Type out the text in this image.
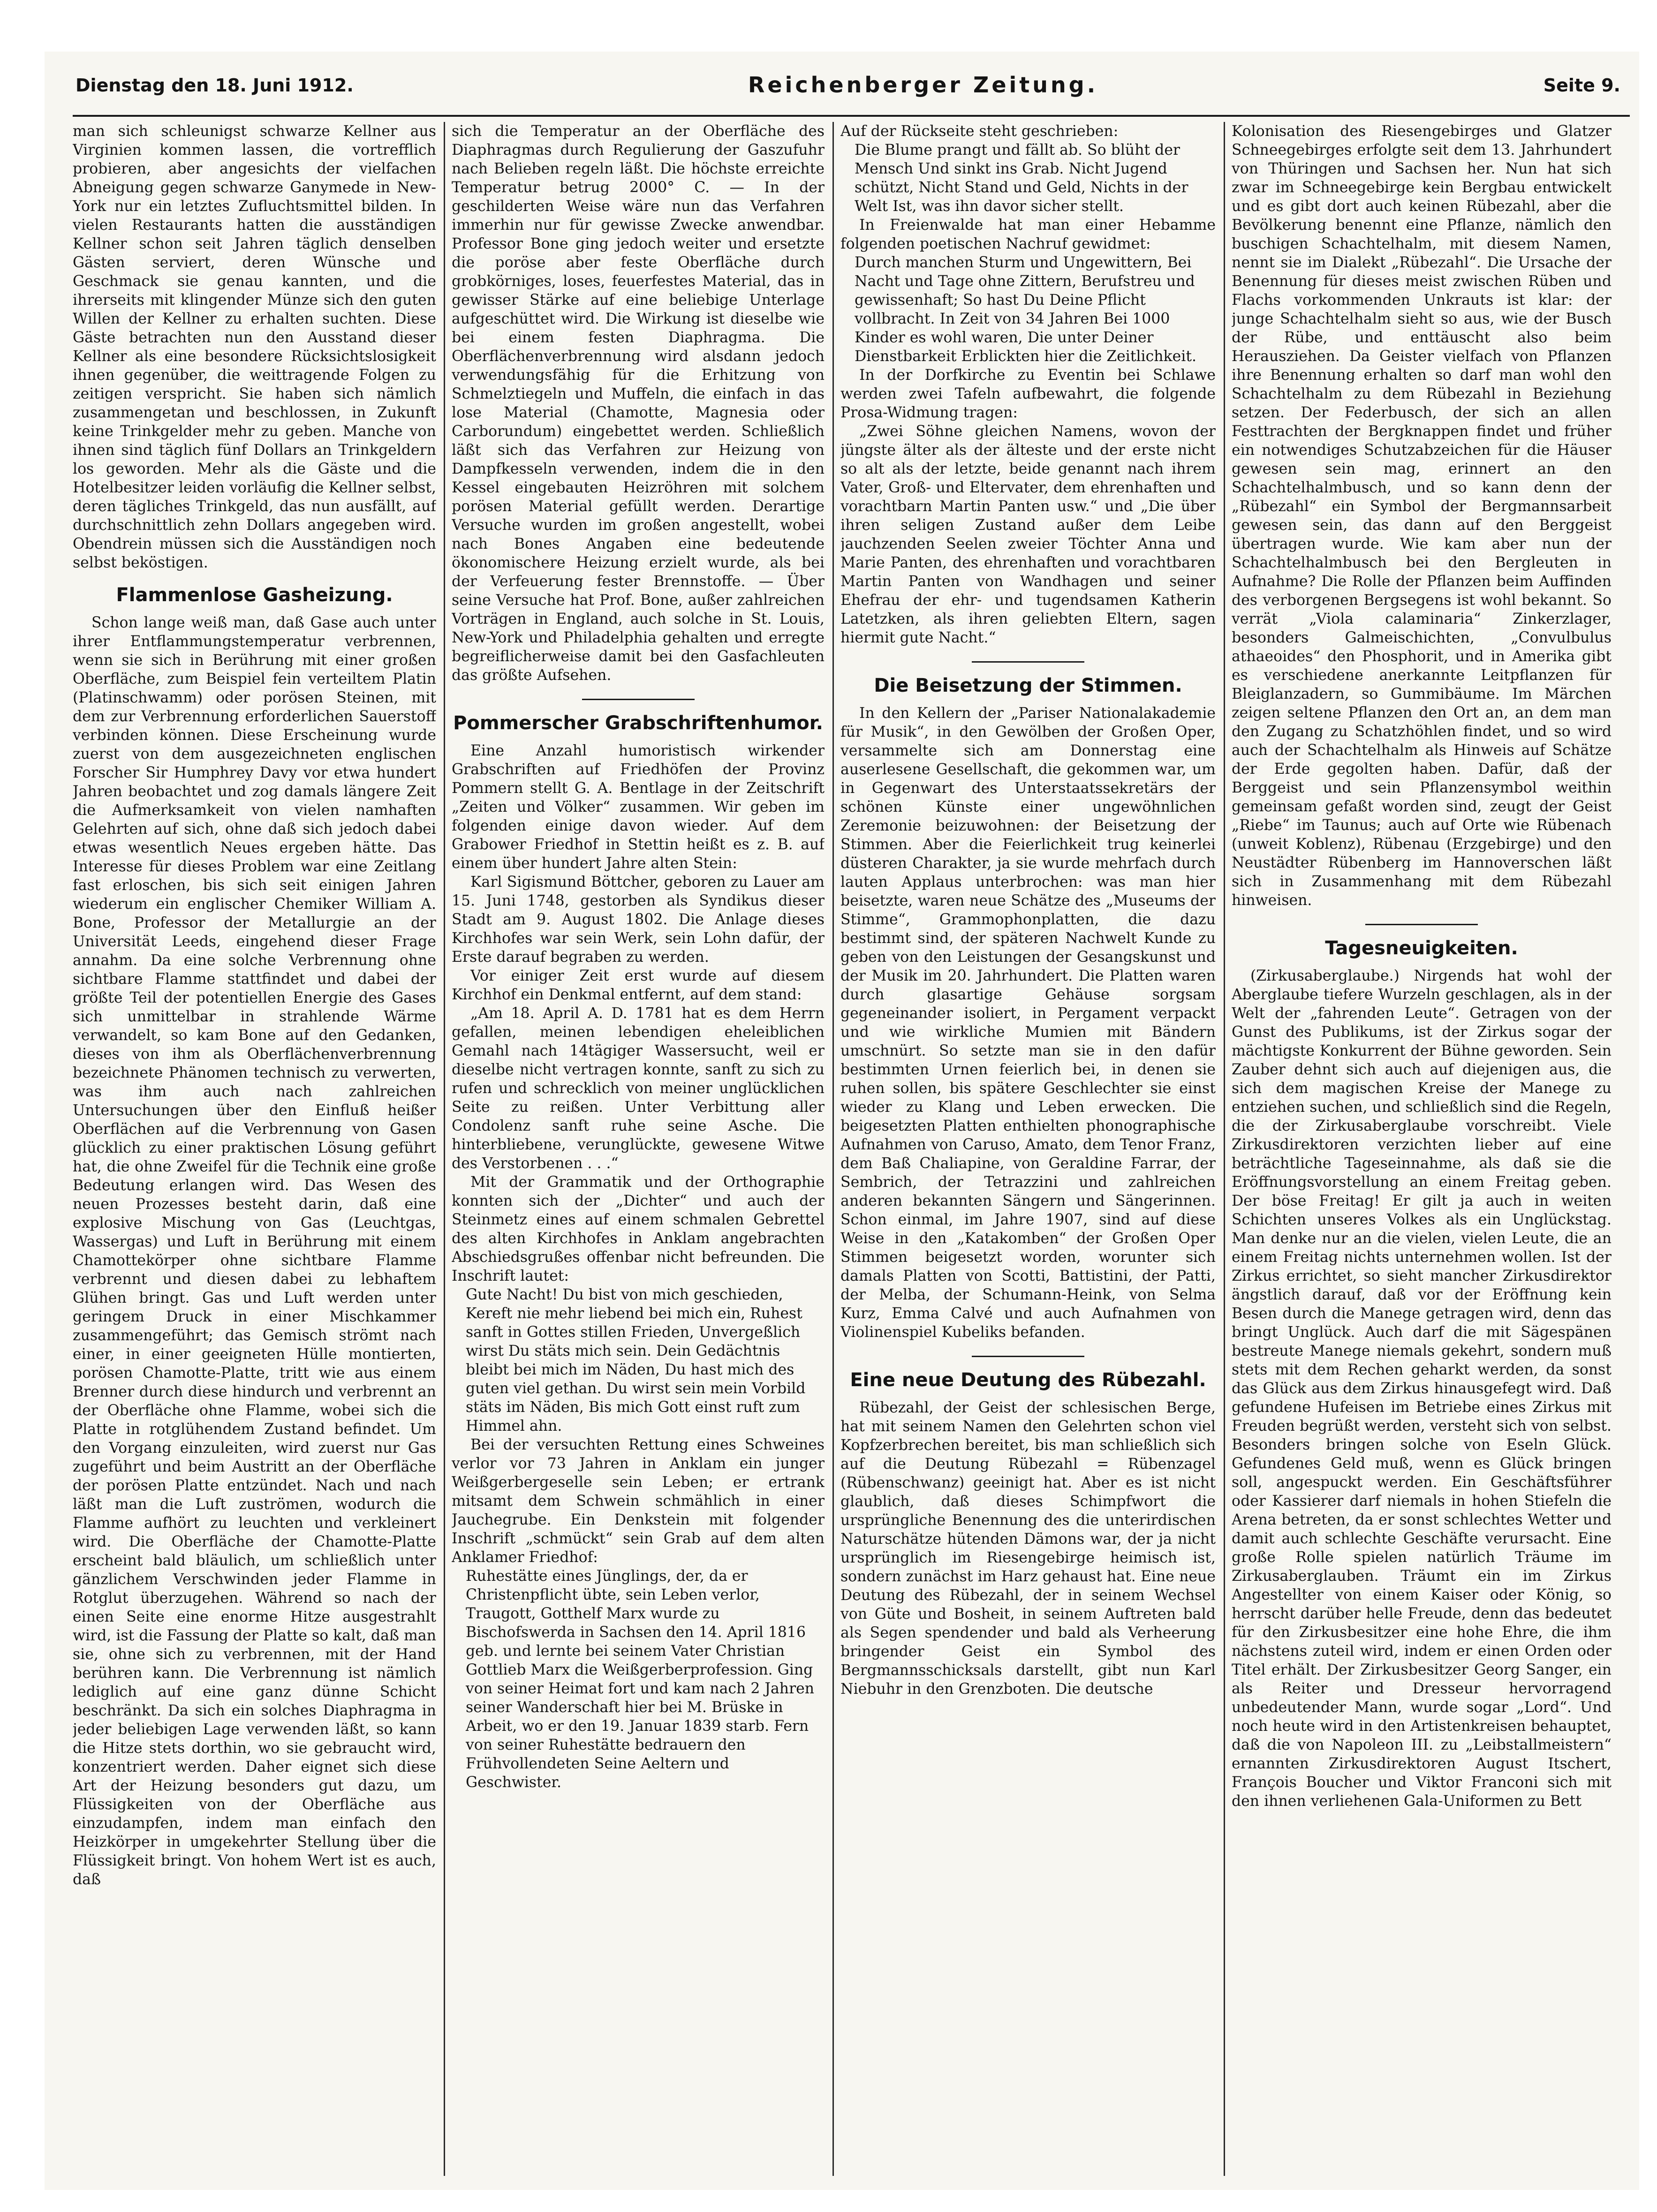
Dienstag den 18. Juni 1912.	Reichenberger Zeitung.	Seite 9.

man sich schleunigst schwarze Kellner aus Virginien kommen lassen, die vortrefflich probieren, aber angesichts der vielfachen Abneigung gegen schwarze Ganymede in New-York nur ein letztes Zufluchtsmittel bilden. In vielen Restaurants hatten die ausständigen Kellner schon seit Jahren täglich denselben Gästen serviert, deren Wünsche und Geschmack sie genau kannten, und die ihrerseits mit klingender Münze sich den guten Willen der Kellner zu erhalten suchten. Diese Gäste betrachten nun den Ausstand dieser Kellner als eine besondere Rücksichtslosigkeit ihnen gegenüber, die weittragende Folgen zu zeitigen verspricht. Sie haben sich nämlich zusammengetan und beschlossen, in Zukunft keine Trinkgelder mehr zu geben. Manche von ihnen sind täglich fünf Dollars an Trinkgeldern los geworden. Mehr als die Gäste und die Hotelbesitzer leiden vorläufig die Kellner selbst, deren tägliches Trinkgeld, das nun ausfällt, auf durchschnittlich zehn Dollars angegeben wird. Obendrein müssen sich die Ausständigen noch selbst beköstigen.

Flammenlose Gasheizung.

Schon lange weiß man, daß Gase auch unter ihrer Entflammungstemperatur verbrennen, wenn sie sich in Berührung mit einer großen Oberfläche, zum Beispiel fein verteiltem Platin (Platinschwamm) oder porösen Steinen, mit dem zur Verbrennung erforderlichen Sauerstoff verbinden können. Diese Erscheinung wurde zuerst von dem ausgezeichneten englischen Forscher Sir Humphrey Davy vor etwa hundert Jahren beobachtet und zog damals längere Zeit die Aufmerksamkeit von vielen namhaften Gelehrten auf sich, ohne daß sich jedoch dabei etwas wesentlich Neues ergeben hätte. Das Interesse für dieses Problem war eine Zeitlang fast erloschen, bis sich seit einigen Jahren wiederum ein englischer Chemiker William A. Bone, Professor der Metallurgie an der Universität Leeds, eingehend dieser Frage annahm. Da eine solche Verbrennung ohne sichtbare Flamme stattfindet und dabei der größte Teil der potentiellen Energie des Gases sich unmittelbar in strahlende Wärme verwandelt, so kam Bone auf den Gedanken, dieses von ihm als Oberflächenverbrennung bezeichnete Phänomen technisch zu verwerten, was ihm auch nach zahlreichen Untersuchungen über den Einfluß heißer Oberflächen auf die Verbrennung von Gasen glücklich zu einer praktischen Lösung geführt hat, die ohne Zweifel für die Technik eine große Bedeutung erlangen wird. Das Wesen des neuen Prozesses besteht darin, daß eine explosive Mischung von Gas (Leuchtgas, Wassergas) und Luft in Berührung mit einem Chamottekörper ohne sichtbare Flamme verbrennt und diesen dabei zu lebhaftem Glühen bringt. Gas und Luft werden unter geringem Druck in einer Mischkammer zusammengeführt; das Gemisch strömt nach einer, in einer geeigneten Hülle montierten, porösen Chamotte-Platte, tritt wie aus einem Brenner durch diese hindurch und verbrennt an der Oberfläche ohne Flamme, wobei sich die Platte in rotglühendem Zustand befindet. Um den Vorgang einzuleiten, wird zuerst nur Gas zugeführt und beim Austritt an der Oberfläche der porösen Platte entzündet. Nach und nach läßt man die Luft zuströmen, wodurch die Flamme aufhört zu leuchten und verkleinert wird. Die Oberfläche der Chamotte-Platte erscheint bald bläulich, um schließlich unter gänzlichem Verschwinden jeder Flamme in Rotglut überzugehen. Während so nach der einen Seite eine enorme Hitze ausgestrahlt wird, ist die Fassung der Platte so kalt, daß man sie, ohne sich zu verbrennen, mit der Hand berühren kann. Die Verbrennung ist nämlich lediglich auf eine ganz dünne Schicht beschränkt. Da sich ein solches Diaphragma in jeder beliebigen Lage verwenden läßt, so kann die Hitze stets dorthin, wo sie gebraucht wird, konzentriert werden. Daher eignet sich diese Art der Heizung besonders gut dazu, um Flüssigkeiten von der Oberfläche aus einzudampfen, indem man einfach den Heizkörper in umgekehrter Stellung über die Flüssigkeit bringt. Von hohem Wert ist es auch, daß

sich die Temperatur an der Oberfläche des Diaphragmas durch Regulierung der Gaszufuhr nach Belieben regeln läßt. Die höchste erreichte Temperatur betrug 2000° C. — In der geschilderten Weise wäre nun das Verfahren immerhin nur für gewisse Zwecke anwendbar. Professor Bone ging jedoch weiter und ersetzte die poröse aber feste Oberfläche durch grobkörniges, loses, feuerfestes Material, das in gewisser Stärke auf eine beliebige Unterlage aufgeschüttet wird. Die Wirkung ist dieselbe wie bei einem festen Diaphragma. Die Oberflächenverbrennung wird alsdann jedoch verwendungsfähig für die Erhitzung von Schmelztiegeln und Muffeln, die einfach in das lose Material (Chamotte, Magnesia oder Carborundum) eingebettet werden. Schließlich läßt sich das Verfahren zur Heizung von Dampfkesseln verwenden, indem die in den Kessel eingebauten Heizröhren mit solchem porösen Material gefüllt werden. Derartige Versuche wurden im großen angestellt, wobei nach Bones Angaben eine bedeutende ökonomischere Heizung erzielt wurde, als bei der Verfeuerung fester Brennstoffe. — Über seine Versuche hat Prof. Bone, außer zahlreichen Vorträgen in England, auch solche in St. Louis, New-York und Philadelphia gehalten und erregte begreiflicherweise damit bei den Gasfachleuten das größte Aufsehen.

Pommerscher Grabschriftenhumor.

Eine Anzahl humoristisch wirkender Grabschriften auf Friedhöfen der Provinz Pommern stellt G. A. Bentlage in der Zeitschrift „Zeiten und Völker“ zusammen. Wir geben im folgenden einige davon wieder. Auf dem Grabower Friedhof in Stettin heißt es z. B. auf einem über hundert Jahre alten Stein:

Karl Sigismund Böttcher, geboren zu Lauer am 15. Juni 1748, gestorben als Syndikus dieser Stadt am 9. August 1802. Die Anlage dieses Kirchhofes war sein Werk, sein Lohn dafür, der Erste darauf begraben zu werden.

Vor einiger Zeit erst wurde auf diesem Kirchhof ein Denkmal entfernt, auf dem stand:

„Am 18. April A. D. 1781 hat es dem Herrn gefallen, meinen lebendigen eheleiblichen Gemahl nach 14tägiger Wassersucht, weil er dieselbe nicht vertragen konnte, sanft zu sich zu rufen und schrecklich von meiner unglücklichen Seite zu reißen. Unter Verbittung aller Condolenz sanft ruhe seine Asche. Die hinterbliebene, verunglückte, gewesene Witwe des Verstorbenen . . .“

Mit der Grammatik und der Orthographie konnten sich der „Dichter“ und auch der Steinmetz eines auf einem schmalen Gebrettel des alten Kirchhofes in Anklam angebrachten Abschiedsgrußes offenbar nicht befreunden. Die Inschrift lautet:

Gute Nacht! Du bist von mich geschieden, Kereft nie mehr liebend bei mich ein, Ruhest sanft in Gottes stillen Frieden, Unvergeßlich wirst Du stäts mich sein. Dein Gedächtnis bleibt bei mich im Näden, Du hast mich des guten viel gethan. Du wirst sein mein Vorbild stäts im Näden, Bis mich Gott einst ruft zum Himmel ahn.

Bei der versuchten Rettung eines Schweines verlor vor 73 Jahren in Anklam ein junger Weißgerbergeselle sein Leben; er ertrank mitsamt dem Schwein schmählich in einer Jauchegrube. Ein Denkstein mit folgender Inschrift „schmückt“ sein Grab auf dem alten Anklamer Friedhof:

Ruhestätte eines Jünglings, der, da er Christenpflicht übte, sein Leben verlor, Traugott, Gotthelf Marx wurde zu Bischofswerda in Sachsen den 14. April 1816 geb. und lernte bei seinem Vater Christian Gottlieb Marx die Weißgerberprofession. Ging von seiner Heimat fort und kam nach 2 Jahren seiner Wanderschaft hier bei M. Brüske in Arbeit, wo er den 19. Januar 1839 starb. Fern von seiner Ruhestätte bedrauern den Frühvollendeten Seine Aeltern und Geschwister.

Auf der Rückseite steht geschrieben:

Die Blume prangt und fällt ab. So blüht der Mensch Und sinkt ins Grab. Nicht Jugend schützt, Nicht Stand und Geld, Nichts in der Welt Ist, was ihn davor sicher stellt.

In Freienwalde hat man einer Hebamme folgenden poetischen Nachruf gewidmet:

Durch manchen Sturm und Ungewittern, Bei Nacht und Tage ohne Zittern, Berufstreu und gewissenhaft; So hast Du Deine Pflicht vollbracht. In Zeit von 34 Jahren Bei 1000 Kinder es wohl waren, Die unter Deiner Dienstbarkeit Erblickten hier die Zeitlichkeit.

In der Dorfkirche zu Eventin bei Schlawe werden zwei Tafeln aufbewahrt, die folgende Prosa-Widmung tragen:

„Zwei Söhne gleichen Namens, wovon der jüngste älter als der älteste und der erste nicht so alt als der letzte, beide genannt nach ihrem Vater, Groß- und Eltervater, dem ehrenhaften und vorachtbarn Martin Panten usw.“ und „Die über ihren seligen Zustand außer dem Leibe jauchzenden Seelen zweier Töchter Anna und Marie Panten, des ehrenhaften und vorachtbaren Martin Panten von Wandhagen und seiner Ehefrau der ehr- und tugendsamen Katherin Latetzken, als ihren geliebten Eltern, sagen hiermit gute Nacht.“

Die Beisetzung der Stimmen.

In den Kellern der „Pariser Nationalakademie für Musik“, in den Gewölben der Großen Oper, versammelte sich am Donnerstag eine auserlesene Gesellschaft, die gekommen war, um in Gegenwart des Unterstaatssekretärs der schönen Künste einer ungewöhnlichen Zeremonie beizuwohnen: der Beisetzung der Stimmen. Aber die Feierlichkeit trug keinerlei düsteren Charakter, ja sie wurde mehrfach durch lauten Applaus unterbrochen: was man hier beisetzte, waren neue Schätze des „Museums der Stimme“, Grammophonplatten, die dazu bestimmt sind, der späteren Nachwelt Kunde zu geben von den Leistungen der Gesangskunst und der Musik im 20. Jahrhundert. Die Platten waren durch glasartige Gehäuse sorgsam gegeneinander isoliert, in Pergament verpackt und wie wirkliche Mumien mit Bändern umschnürt. So setzte man sie in den dafür bestimmten Urnen feierlich bei, in denen sie ruhen sollen, bis spätere Geschlechter sie einst wieder zu Klang und Leben erwecken. Die beigesetzten Platten enthielten phonographische Aufnahmen von Caruso, Amato, dem Tenor Franz, dem Baß Chaliapine, von Geraldine Farrar, der Sembrich, der Tetrazzini und zahlreichen anderen bekannten Sängern und Sängerinnen. Schon einmal, im Jahre 1907, sind auf diese Weise in den „Katakomben“ der Großen Oper Stimmen beigesetzt worden, worunter sich damals Platten von Scotti, Battistini, der Patti, der Melba, der Schumann-Heink, von Selma Kurz, Emma Calvé und auch Aufnahmen von Violinenspiel Kubeliks befanden.

Eine neue Deutung des Rübezahl.

Rübezahl, der Geist der schlesischen Berge, hat mit seinem Namen den Gelehrten schon viel Kopfzerbrechen bereitet, bis man schließlich sich auf die Deutung Rübezahl = Rübenzagel (Rübenschwanz) geeinigt hat. Aber es ist nicht glaublich, daß dieses Schimpfwort die ursprüngliche Benennung des die unterirdischen Naturschätze hütenden Dämons war, der ja nicht ursprünglich im Riesengebirge heimisch ist, sondern zunächst im Harz gehaust hat. Eine neue Deutung des Rübezahl, der in seinem Wechsel von Güte und Bosheit, in seinem Auftreten bald als Segen spendender und bald als Verheerung bringender Geist ein Symbol des Bergmannsschicksals darstellt, gibt nun Karl Niebuhr in den Grenzboten. Die deutsche

Kolonisation des Riesengebirges und Glatzer Schneegebirges erfolgte seit dem 13. Jahrhundert von Thüringen und Sachsen her. Nun hat sich zwar im Schneegebirge kein Bergbau entwickelt und es gibt dort auch keinen Rübezahl, aber die Bevölkerung benennt eine Pflanze, nämlich den buschigen Schachtelhalm, mit diesem Namen, nennt sie im Dialekt „Rübezahl“. Die Ursache der Benennung für dieses meist zwischen Rüben und Flachs vorkommenden Unkrauts ist klar: der junge Schachtelhalm sieht so aus, wie der Busch der Rübe, und enttäuscht also beim Herausziehen. Da Geister vielfach von Pflanzen ihre Benennung erhalten so darf man wohl den Schachtelhalm zu dem Rübezahl in Beziehung setzen. Der Federbusch, der sich an allen Festtrachten der Bergknappen findet und früher ein notwendiges Schutzabzeichen für die Häuser gewesen sein mag, erinnert an den Schachtelhalmbusch, und so kann denn der „Rübezahl“ ein Symbol der Bergmannsarbeit gewesen sein, das dann auf den Berggeist übertragen wurde. Wie kam aber nun der Schachtelhalmbusch bei den Bergleuten in Aufnahme? Die Rolle der Pflanzen beim Auffinden des verborgenen Bergsegens ist wohl bekannt. So verrät „Viola calaminaria“ Zinkerzlager, besonders Galmeischichten, „Convulbulus athaeoides“ den Phosphorit, und in Amerika gibt es verschiedene anerkannte Leitpflanzen für Bleiglanzadern, so Gummibäume. Im Märchen zeigen seltene Pflanzen den Ort an, an dem man den Zugang zu Schatzhöhlen findet, und so wird auch der Schachtelhalm als Hinweis auf Schätze der Erde gegolten haben. Dafür, daß der Berggeist und sein Pflanzensymbol weithin gemeinsam gefaßt worden sind, zeugt der Geist „Riebe“ im Taunus; auch auf Orte wie Rübenach (unweit Koblenz), Rübenau (Erzgebirge) und den Neustädter Rübenberg im Hannoverschen läßt sich in Zusammenhang mit dem Rübezahl hinweisen.

Tagesneuigkeiten.

(Zirkusaberglaube.) Nirgends hat wohl der Aberglaube tiefere Wurzeln geschlagen, als in der Welt der „fahrenden Leute“. Getragen von der Gunst des Publikums, ist der Zirkus sogar der mächtigste Konkurrent der Bühne geworden. Sein Zauber dehnt sich auch auf diejenigen aus, die sich dem magischen Kreise der Manege zu entziehen suchen, und schließlich sind die Regeln, die der Zirkusaberglaube vorschreibt. Viele Zirkusdirektoren verzichten lieber auf eine beträchtliche Tageseinnahme, als daß sie die Eröffnungsvorstellung an einem Freitag geben. Der böse Freitag! Er gilt ja auch in weiten Schichten unseres Volkes als ein Unglückstag. Man denke nur an die vielen, vielen Leute, die an einem Freitag nichts unternehmen wollen. Ist der Zirkus errichtet, so sieht mancher Zirkusdirektor ängstlich darauf, daß vor der Eröffnung kein Besen durch die Manege getragen wird, denn das bringt Unglück. Auch darf die mit Sägespänen bestreute Manege niemals gekehrt, sondern muß stets mit dem Rechen geharkt werden, da sonst das Glück aus dem Zirkus hinausgefegt wird. Daß gefundene Hufeisen im Betriebe eines Zirkus mit Freuden begrüßt werden, versteht sich von selbst. Besonders bringen solche von Eseln Glück. Gefundenes Geld muß, wenn es Glück bringen soll, angespuckt werden. Ein Geschäftsführer oder Kassierer darf niemals in hohen Stiefeln die Arena betreten, da er sonst schlechtes Wetter und damit auch schlechte Geschäfte verursacht. Eine große Rolle spielen natürlich Träume im Zirkusaberglauben. Träumt ein im Zirkus Angestellter von einem Kaiser oder König, so herrscht darüber helle Freude, denn das bedeutet für den Zirkusbesitzer eine hohe Ehre, die ihm nächstens zuteil wird, indem er einen Orden oder Titel erhält. Der Zirkusbesitzer Georg Sanger, ein als Reiter und Dresseur hervorragend unbedeutender Mann, wurde sogar „Lord“. Und noch heute wird in den Artistenkreisen behauptet, daß die von Napoleon III. zu „Leibstallmeistern“ ernannten Zirkusdirektoren August Itschert, François Boucher und Viktor Franconi sich mit den ihnen verliehenen Gala-Uniformen zu Bett
